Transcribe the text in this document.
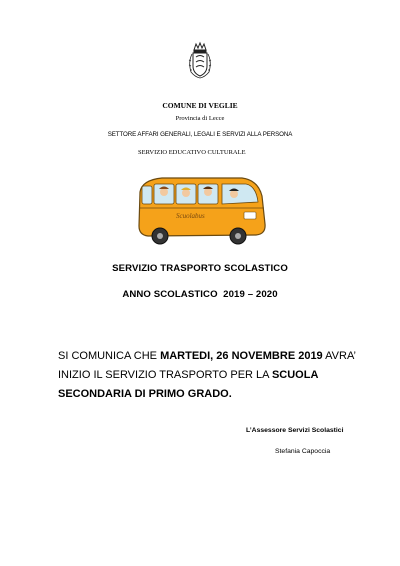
COMUNE DI VEGLIE
Provincia di Lecce
SETTORE AFFARI GENERALI, LEGALI E SERVIZI ALLA PERSONA
SERVIZIO EDUCATIVO CULTURALE
Scuolabus
SERVIZIO TRASPORTO SCOLASTICO
ANNO SCOLASTICO  2019 – 2020
SI COMUNICA CHE MARTEDI, 26 NOVEMBRE 2019 AVRA’ INIZIO IL SERVIZIO TRASPORTO PER LA SCUOLA SECONDARIA DI PRIMO GRADO.
L’Assessore Servizi Scolastici
Stefania Capoccia
